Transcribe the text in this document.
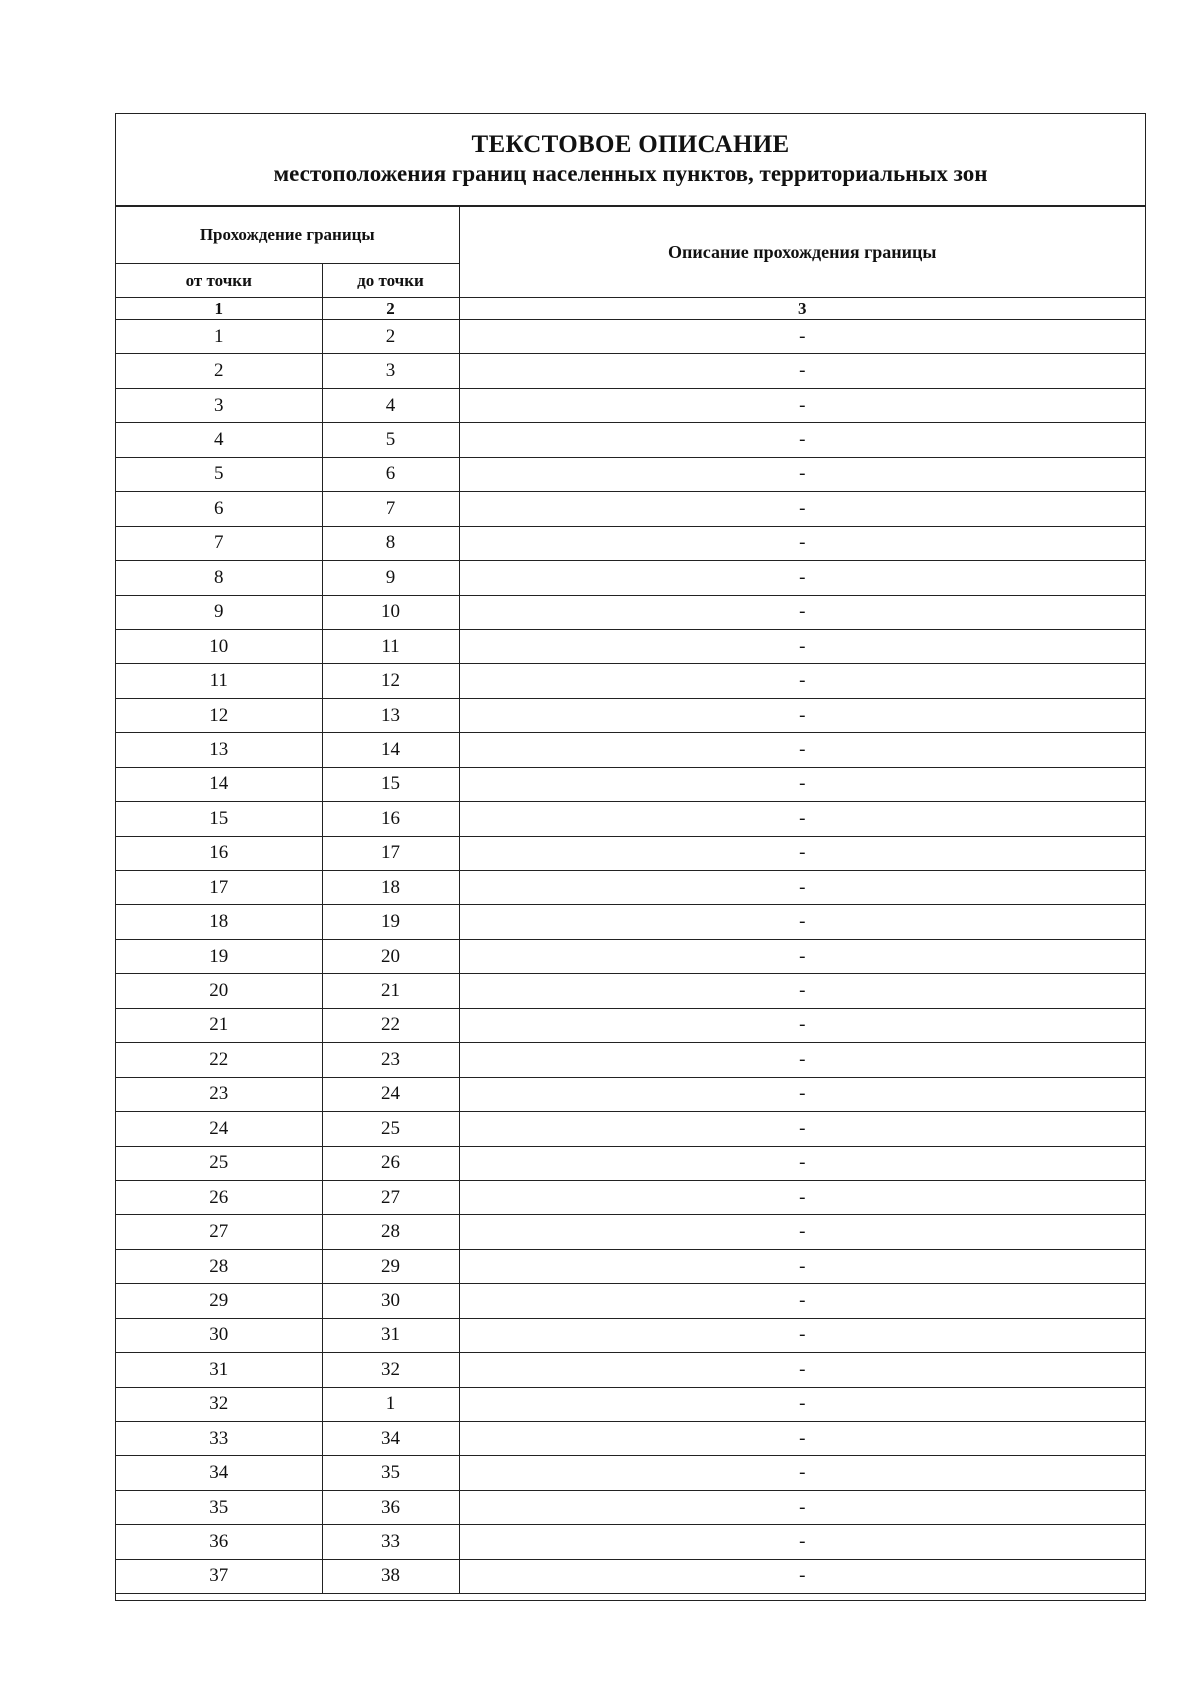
ТЕКСТОВОЕ ОПИСАНИЕ
местоположения границ населенных пунктов, территориальных зон
Прохождение границы		Описание прохождения границы
от точки	до точки	
1	2	3
1	2	-
2	3	-
3	4	-
4	5	-
5	6	-
6	7	-
7	8	-
8	9	-
9	10	-
10	11	-
11	12	-
12	13	-
13	14	-
14	15	-
15	16	-
16	17	-
17	18	-
18	19	-
19	20	-
20	21	-
21	22	-
22	23	-
23	24	-
24	25	-
25	26	-
26	27	-
27	28	-
28	29	-
29	30	-
30	31	-
31	32	-
32	1	-
33	34	-
34	35	-
35	36	-
36	33	-
37	38	-
